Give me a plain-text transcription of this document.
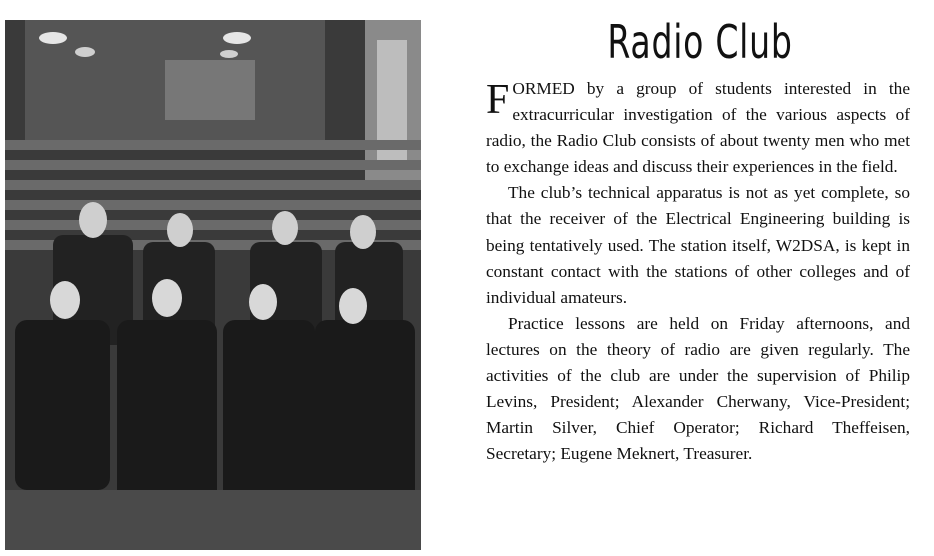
Radio Club

FORMED by a group of students interested in the extracurricular investigation of the various aspects of radio, the Radio Club consists of about twenty men who met to exchange ideas and discuss their experiences in the field.

The club’s technical apparatus is not as yet complete, so that the receiver of the Electrical Engineering building is being tentatively used. The station itself, W2DSA, is kept in constant contact with the stations of other colleges and of individual amateurs.

Practice lessons are held on Friday afternoons, and lectures on the theory of radio are given regularly. The activities of the club are under the supervision of Philip Levins, President; Alexander Cherwany, Vice-President; Martin Silver, Chief Operator; Richard Theffeisen, Secretary; Eugene Meknert, Treasurer.
